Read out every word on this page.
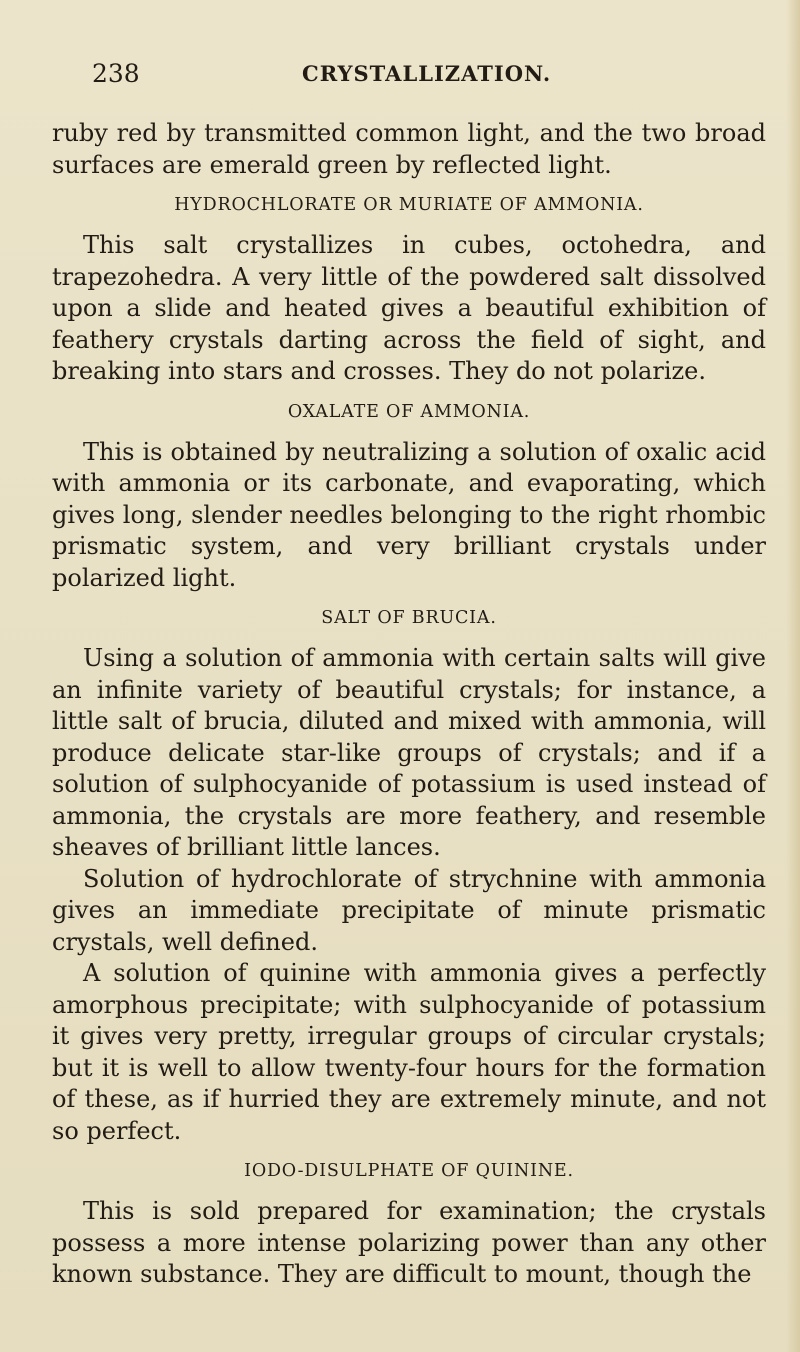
238	CRYSTALLIZATION.

ruby red by transmitted common light, and the two broad surfaces are emerald green by reflected light.

HYDROCHLORATE OR MURIATE OF AMMONIA.

This salt crystallizes in cubes, octohedra, and trapezohedra. A very little of the powdered salt dissolved upon a slide and heated gives a beautiful exhibition of feathery crystals darting across the field of sight, and breaking into stars and crosses. They do not polarize.

OXALATE OF AMMONIA.

This is obtained by neutralizing a solution of oxalic acid with ammonia or its carbonate, and evaporating, which gives long, slender needles belonging to the right rhombic prismatic system, and very brilliant crystals under polarized light.

SALT OF BRUCIA.

Using a solution of ammonia with certain salts will give an infinite variety of beautiful crystals; for instance, a little salt of brucia, diluted and mixed with ammonia, will produce delicate star-like groups of crystals; and if a solution of sulphocyanide of potassium is used instead of ammonia, the crystals are more feathery, and resemble sheaves of brilliant little lances.

Solution of hydrochlorate of strychnine with ammonia gives an immediate precipitate of minute prismatic crystals, well defined.

A solution of quinine with ammonia gives a perfectly amorphous precipitate; with sulphocyanide of potassium it gives very pretty, irregular groups of circular crystals; but it is well to allow twenty-four hours for the formation of these, as if hurried they are extremely minute, and not so perfect.

IODO-DISULPHATE OF QUININE.

This is sold prepared for examination; the crystals possess a more intense polarizing power than any other known substance. They are difficult to mount, though the
